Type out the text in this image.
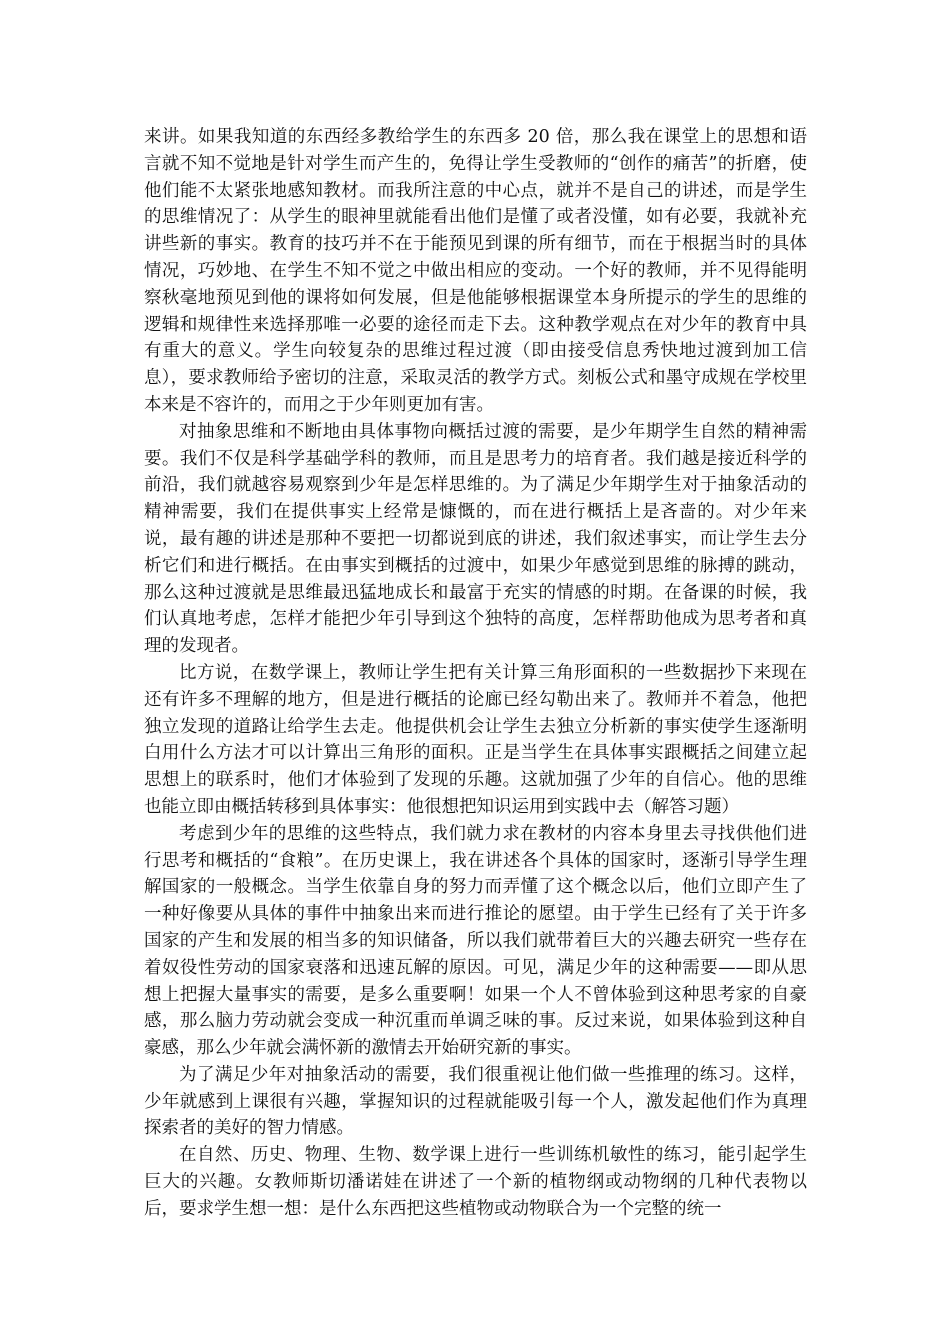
来讲。如果我知道的东西经多教给学生的东西多 20 倍，那么我在课堂上的思想和语言就不知不觉地是针对学生而产生的，免得让学生受教师的“创作的痛苦”的折磨，使他们能不太紧张地感知教材。而我所注意的中心点，就并不是自己的讲述，而是学生的思维情况了：从学生的眼神里就能看出他们是懂了或者没懂，如有必要，我就补充讲些新的事实。教育的技巧并不在于能预见到课的所有细节，而在于根据当时的具体情况，巧妙地、在学生不知不觉之中做出相应的变动。一个好的教师，并不见得能明察秋毫地预见到他的课将如何发展，但是他能够根据课堂本身所提示的学生的思维的逻辑和规律性来选择那唯一必要的途径而走下去。这种教学观点在对少年的教育中具有重大的意义。学生向较复杂的思维过程过渡（即由接受信息秀快地过渡到加工信息），要求教师给予密切的注意，采取灵活的教学方式。刻板公式和墨守成规在学校里本来是不容许的，而用之于少年则更加有害。

对抽象思维和不断地由具体事物向概括过渡的需要，是少年期学生自然的精神需要。我们不仅是科学基础学科的教师，而且是思考力的培育者。我们越是接近科学的前沿，我们就越容易观察到少年是怎样思维的。为了满足少年期学生对于抽象活动的精神需要，我们在提供事实上经常是慷慨的，而在进行概括上是吝啬的。对少年来说，最有趣的讲述是那种不要把一切都说到底的讲述，我们叙述事实，而让学生去分析它们和进行概括。在由事实到概括的过渡中，如果少年感觉到思维的脉搏的跳动，那么这种过渡就是思维最迅猛地成长和最富于充实的情感的时期。在备课的时候，我们认真地考虑，怎样才能把少年引导到这个独特的高度，怎样帮助他成为思考者和真理的发现者。

比方说，在数学课上，教师让学生把有关计算三角形面积的一些数据抄下来现在还有许多不理解的地方，但是进行概括的论廊已经勾勒出来了。教师并不着急，他把独立发现的道路让给学生去走。他提供机会让学生去独立分析新的事实使学生逐渐明白用什么方法才可以计算出三角形的面积。正是当学生在具体事实跟概括之间建立起思想上的联系时，他们才体验到了发现的乐趣。这就加强了少年的自信心。他的思维也能立即由概括转移到具体事实：他很想把知识运用到实践中去（解答习题）

考虑到少年的思维的这些特点，我们就力求在教材的内容本身里去寻找供他们进行思考和概括的“食粮”。在历史课上，我在讲述各个具体的国家时，逐渐引导学生理解国家的一般概念。当学生依靠自身的努力而弄懂了这个概念以后，他们立即产生了一种好像要从具体的事件中抽象出来而进行推论的愿望。由于学生已经有了关于许多国家的产生和发展的相当多的知识储备，所以我们就带着巨大的兴趣去研究一些存在着奴役性劳动的国家衰落和迅速瓦解的原因。可见，满足少年的这种需要——即从思想上把握大量事实的需要，是多么重要啊！如果一个人不曾体验到这种思考家的自豪感，那么脑力劳动就会变成一种沉重而单调乏味的事。反过来说，如果体验到这种自豪感，那么少年就会满怀新的激情去开始研究新的事实。

为了满足少年对抽象活动的需要，我们很重视让他们做一些推理的练习。这样，少年就感到上课很有兴趣，掌握知识的过程就能吸引每一个人，激发起他们作为真理探索者的美好的智力情感。

在自然、历史、物理、生物、数学课上进行一些训练机敏性的练习，能引起学生巨大的兴趣。女教师斯切潘诺娃在讲述了一个新的植物纲或动物纲的几种代表物以后，要求学生想一想：是什么东西把这些植物或动物联合为一个完整的统一
